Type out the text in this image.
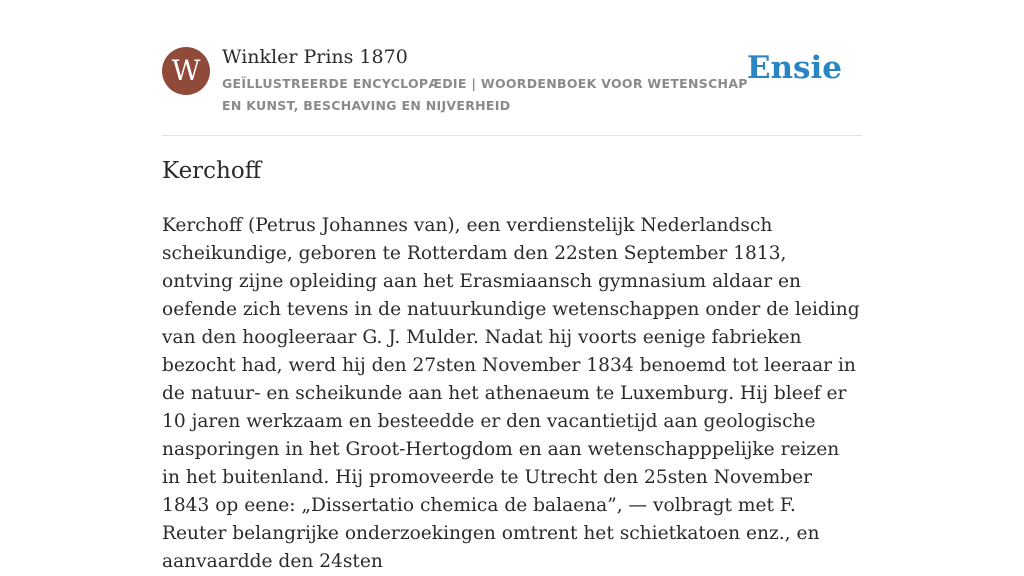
W	Winkler Prins 1870
GEÏLLUSTREERDE ENCYCLOPÆDIE | WOORDENBOEK VOOR WETENSCHAP EN KUNST, BESCHAVING EN NIJVERHEID
Ensie
Kerchoff

Kerchoff (Petrus Johannes van), een verdienstelijk Nederlandsch scheikundige, geboren te Rotterdam den 22sten September 1813, ontving zijne opleiding aan het Erasmiaansch gymnasium aldaar en oefende zich tevens in de natuurkundige wetenschappen onder de leiding van den hoogleeraar G. J. Mulder. Nadat hij voorts eenige fabrieken bezocht had, werd hij den 27sten November 1834 benoemd tot leeraar in de natuur- en scheikunde aan het athenaeum te Luxemburg. Hij bleef er 10 jaren werkzaam en besteedde er den vacantietijd aan geologische nasporingen in het Groot-Hertogdom en aan wetenschapppelijke reizen in het buitenland. Hij promoveerde te Utrecht den 25sten November 1843 op eene: „Dissertatio chemica de balaena”, — volbragt met F. Reuter belangrijke onderzoekingen omtrent het schietkatoen enz., en aanvaardde den 24sten
